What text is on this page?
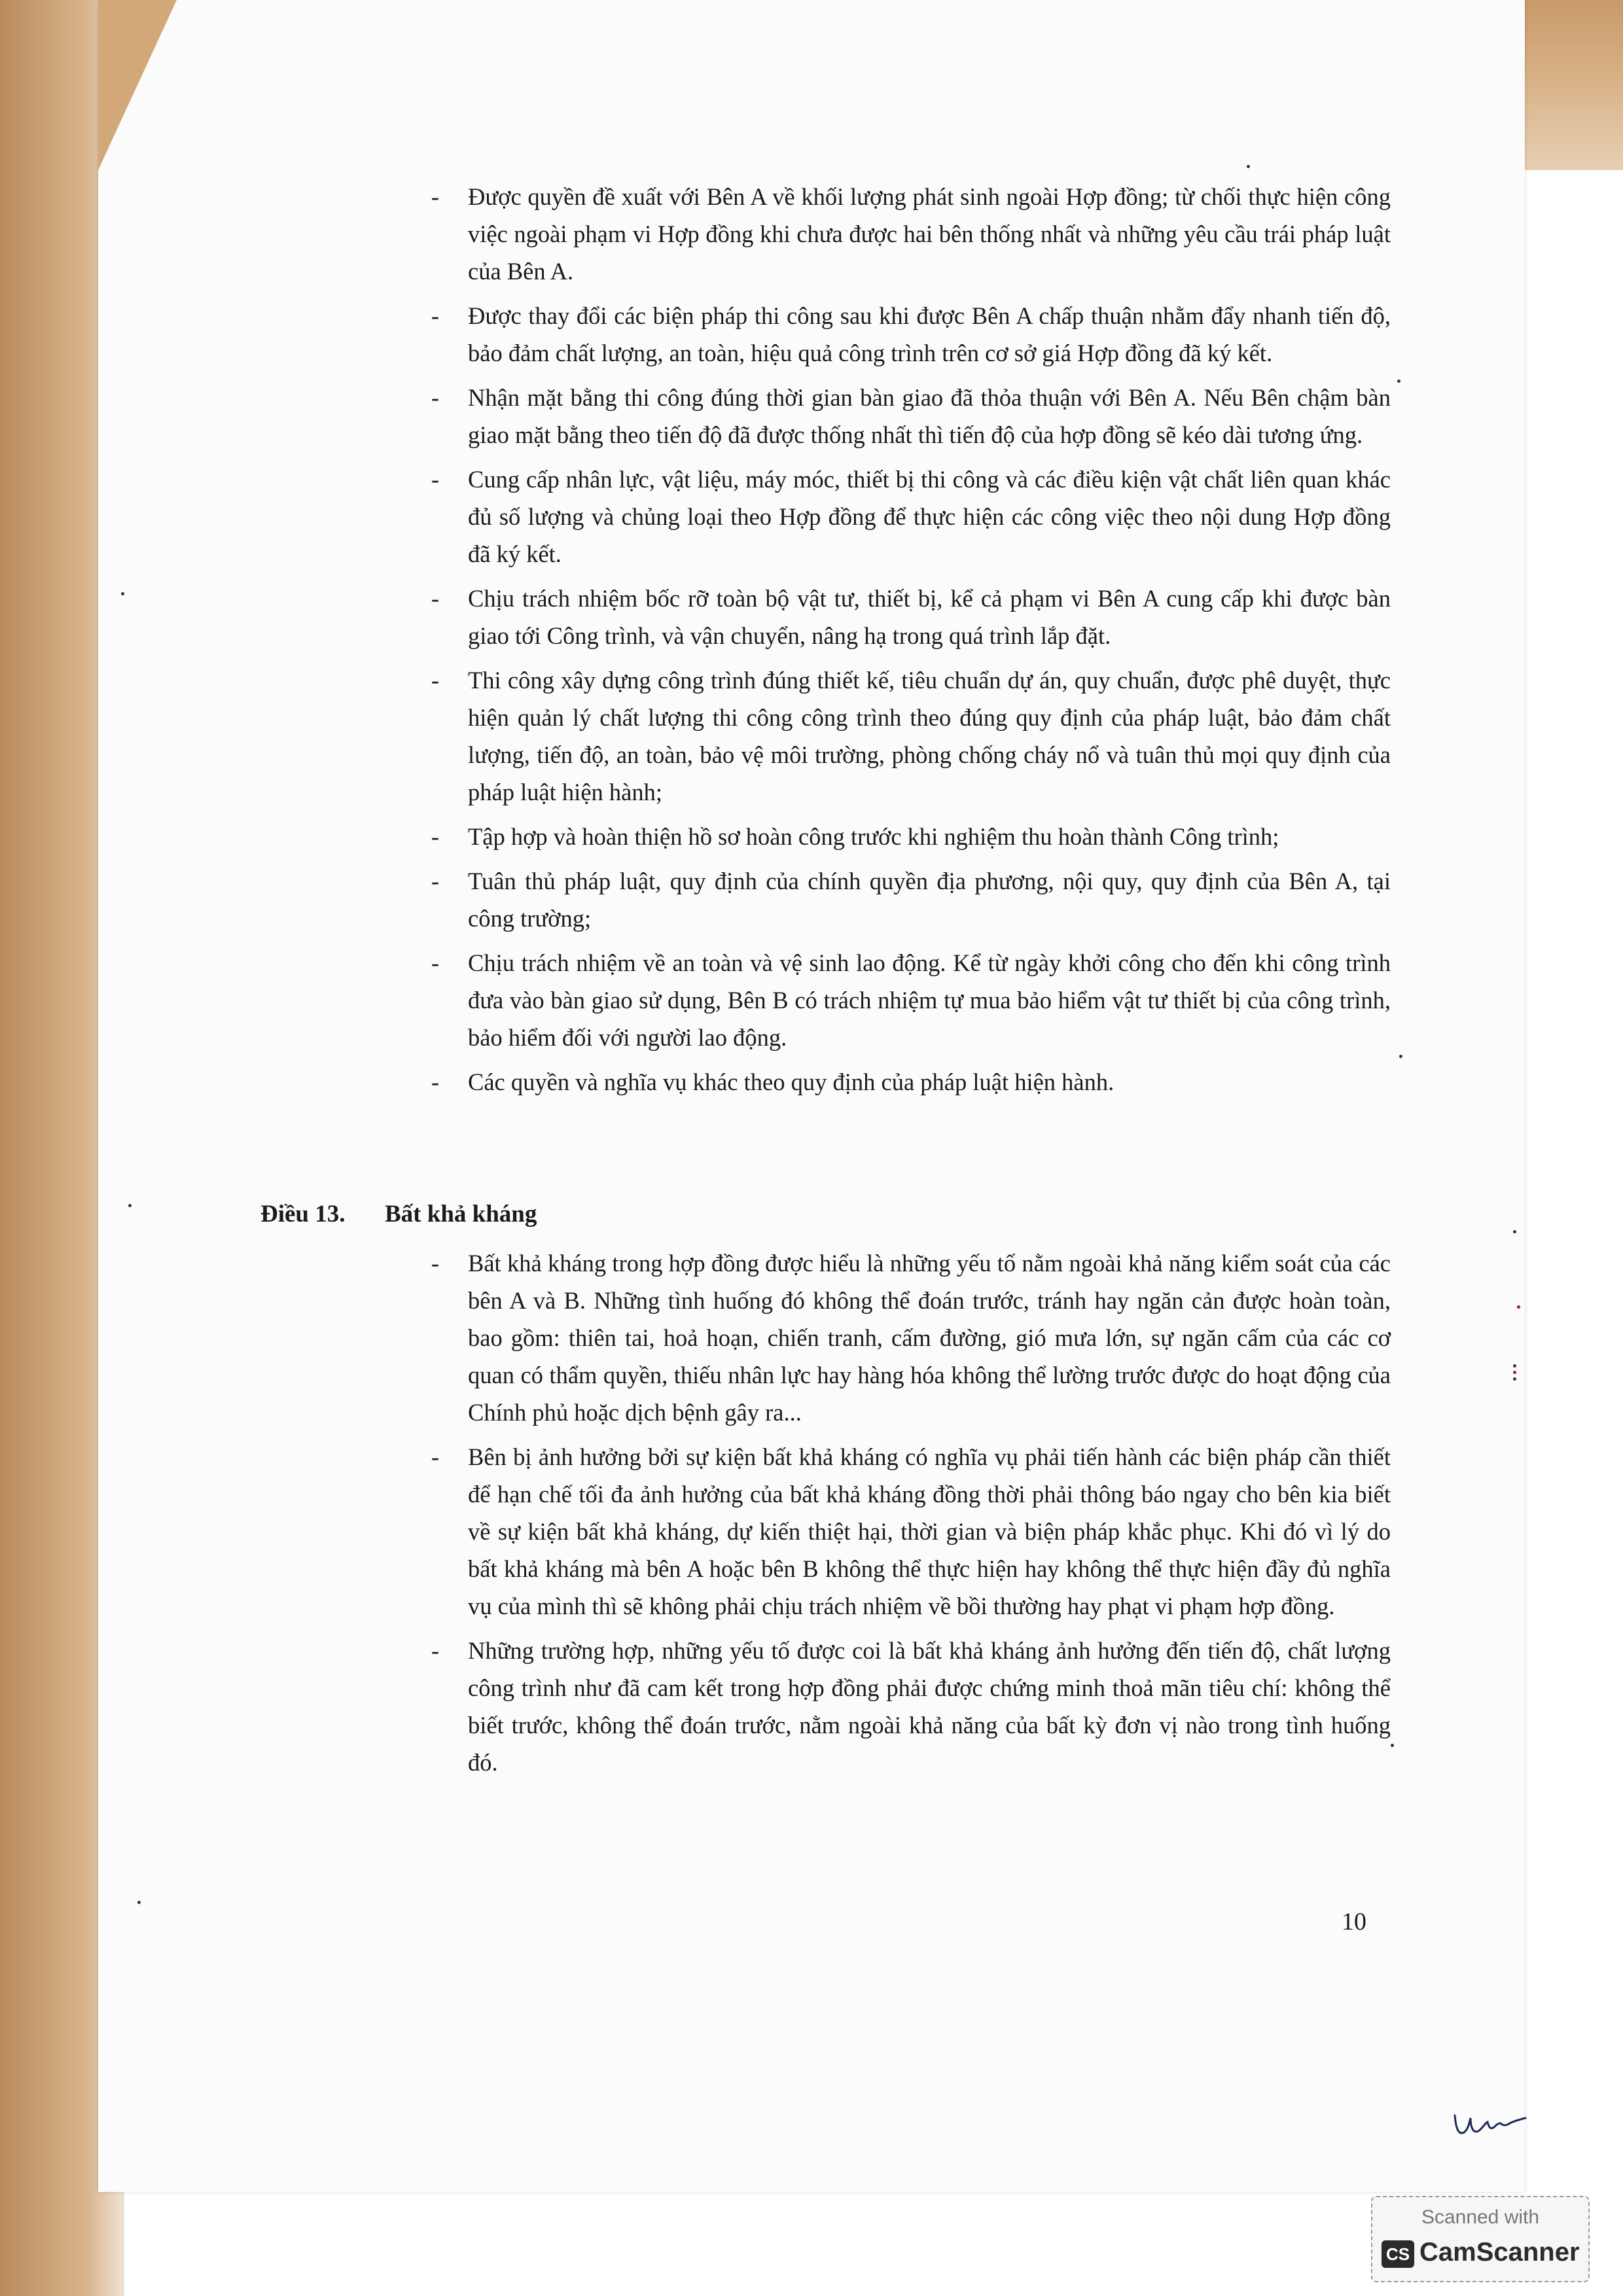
-	Được quyền đề xuất với Bên A về khối lượng phát sinh ngoài Hợp đồng; từ chối thực hiện công việc ngoài phạm vi Hợp đồng khi chưa được hai bên thống nhất và những yêu cầu trái pháp luật của Bên A.
-	Được thay đổi các biện pháp thi công sau khi được Bên A chấp thuận nhằm đẩy nhanh tiến độ, bảo đảm chất lượng, an toàn, hiệu quả công trình trên cơ sở giá Hợp đồng đã ký kết.
-	Nhận mặt bằng thi công đúng thời gian bàn giao đã thỏa thuận với Bên A. Nếu Bên chậm bàn giao mặt bằng theo tiến độ đã được thống nhất thì tiến độ của hợp đồng sẽ kéo dài tương ứng.
-	Cung cấp nhân lực, vật liệu, máy móc, thiết bị thi công và các điều kiện vật chất liên quan khác đủ số lượng và chủng loại theo Hợp đồng để thực hiện các công việc theo nội dung Hợp đồng đã ký kết.
-	Chịu trách nhiệm bốc rỡ toàn bộ vật tư, thiết bị, kể cả phạm vi Bên A cung cấp khi được bàn giao tới Công trình, và vận chuyển, nâng hạ trong quá trình lắp đặt.
-	Thi công xây dựng công trình đúng thiết kế, tiêu chuẩn dự án, quy chuẩn, được phê duyệt, thực hiện quản lý chất lượng thi công công trình theo đúng quy định của pháp luật, bảo đảm chất lượng, tiến độ, an toàn, bảo vệ môi trường, phòng chống cháy nổ và tuân thủ mọi quy định của pháp luật hiện hành;
-	Tập hợp và hoàn thiện hồ sơ hoàn công trước khi nghiệm thu hoàn thành Công trình;
-	Tuân thủ pháp luật, quy định của chính quyền địa phương, nội quy, quy định của Bên A, tại công trường;
-	Chịu trách nhiệm về an toàn và vệ sinh lao động. Kể từ ngày khởi công cho đến khi công trình đưa vào bàn giao sử dụng, Bên B có trách nhiệm tự mua bảo hiểm vật tư thiết bị của công trình, bảo hiểm đối với người lao động.
-	Các quyền và nghĩa vụ khác theo quy định của pháp luật hiện hành.
Điều 13. Bất khả kháng
-	Bất khả kháng trong hợp đồng được hiểu là những yếu tố nằm ngoài khả năng kiểm soát của các bên A và B. Những tình huống đó không thể đoán trước, tránh hay ngăn cản được hoàn toàn, bao gồm: thiên tai, hoả hoạn, chiến tranh, cấm đường, gió mưa lớn, sự ngăn cấm của các cơ quan có thẩm quyền, thiếu nhân lực hay hàng hóa không thể lường trước được do hoạt động của Chính phủ hoặc dịch bệnh gây ra...
-	Bên bị ảnh hưởng bởi sự kiện bất khả kháng có nghĩa vụ phải tiến hành các biện pháp cần thiết để hạn chế tối đa ảnh hưởng của bất khả kháng đồng thời phải thông báo ngay cho bên kia biết về sự kiện bất khả kháng, dự kiến thiệt hại, thời gian và biện pháp khắc phục. Khi đó vì lý do bất khả kháng mà bên A hoặc bên B không thể thực hiện hay không thể thực hiện đầy đủ nghĩa vụ của mình thì sẽ không phải chịu trách nhiệm về bồi thường hay phạt vi phạm hợp đồng.
-	Những trường hợp, những yếu tố được coi là bất khả kháng ảnh hưởng đến tiến độ, chất lượng công trình như đã cam kết trong hợp đồng phải được chứng minh thoả mãn tiêu chí: không thể biết trước, không thể đoán trước, nằm ngoài khả năng của bất kỳ đơn vị nào trong tình huống đó.
10
Scanned with
CS CamScanner
